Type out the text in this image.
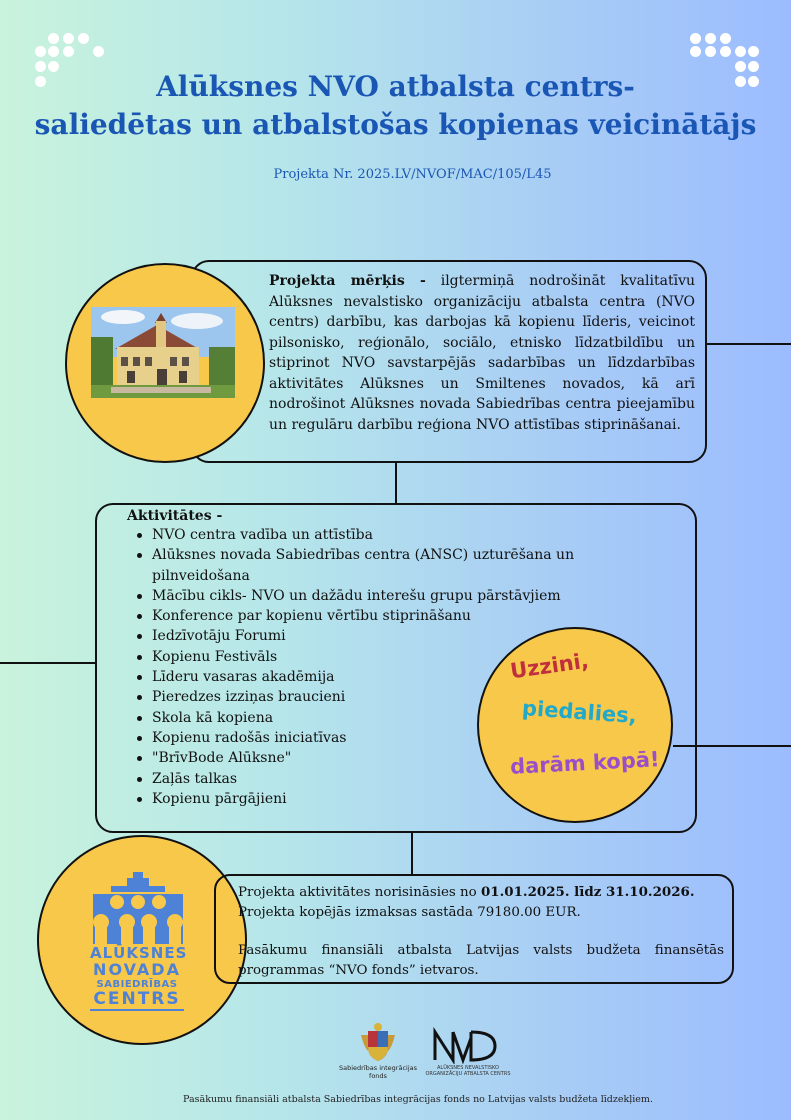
Alūksnes NVO atbalsta centrs-
saliedētas un atbalstošas kopienas veicinātājs
Projekta Nr. 2025.LV/NVOF/MAC/105/L45
Projekta mērķis - ilgtermiņā nodrošināt kvalitatīvu Alūksnes nevalstisko organizāciju atbalsta centra (NVO centrs) darbību, kas darbojas kā kopienu līderis, veicinot pilsonisko, reģionālo, sociālo, etnisko līdzatbildību un stiprinot NVO savstarpējās sadarbības un līdzdarbības aktivitātes Alūksnes un Smiltenes novados, kā arī nodrošinot Alūksnes novada Sabiedrības centra pieejamību un regulāru darbību reģiona NVO attīstības stiprināšanai.
Aktivitātes -
NVO centra vadība un attīstība
Alūksnes novada Sabiedrības centra (ANSC) uzturēšana un pilnveidošana
Mācību cikls- NVO un dažādu interešu grupu pārstāvjiem
Konference par kopienu vērtību stiprināšanu
Iedzīvotāju Forumi
Kopienu Festivāls
Līderu vasaras akadēmija
Pieredzes izziņas braucieni
Skola kā kopiena
Kopienu radošās iniciatīvas
"BrīvBode Alūksne"
Zaļās talkas
Kopienu pārgājieni
Uzzini,
piedalies,
darām kopā!
ALŪKSNES
NOVADA
SABIEDRĪBAS
CENTRS
Projekta aktivitātes norisināsies no 01.01.2025. līdz 31.10.2026.
Projekta kopējās izmaksas sastāda 79180.00 EUR.

Pasākumu finansiāli atbalsta Latvijas valsts budžeta finansētās programmas “NVO fonds” ietvaros.

Sabiedrības integrācijas
fonds
ALŪKSNES NEVALSTISKO
ORGANIZĀCIJU ATBALSTA CENTRS
Pasākumu finansiāli atbalsta Sabiedrības integrācijas fonds no Latvijas valsts budžeta līdzekļiem.
